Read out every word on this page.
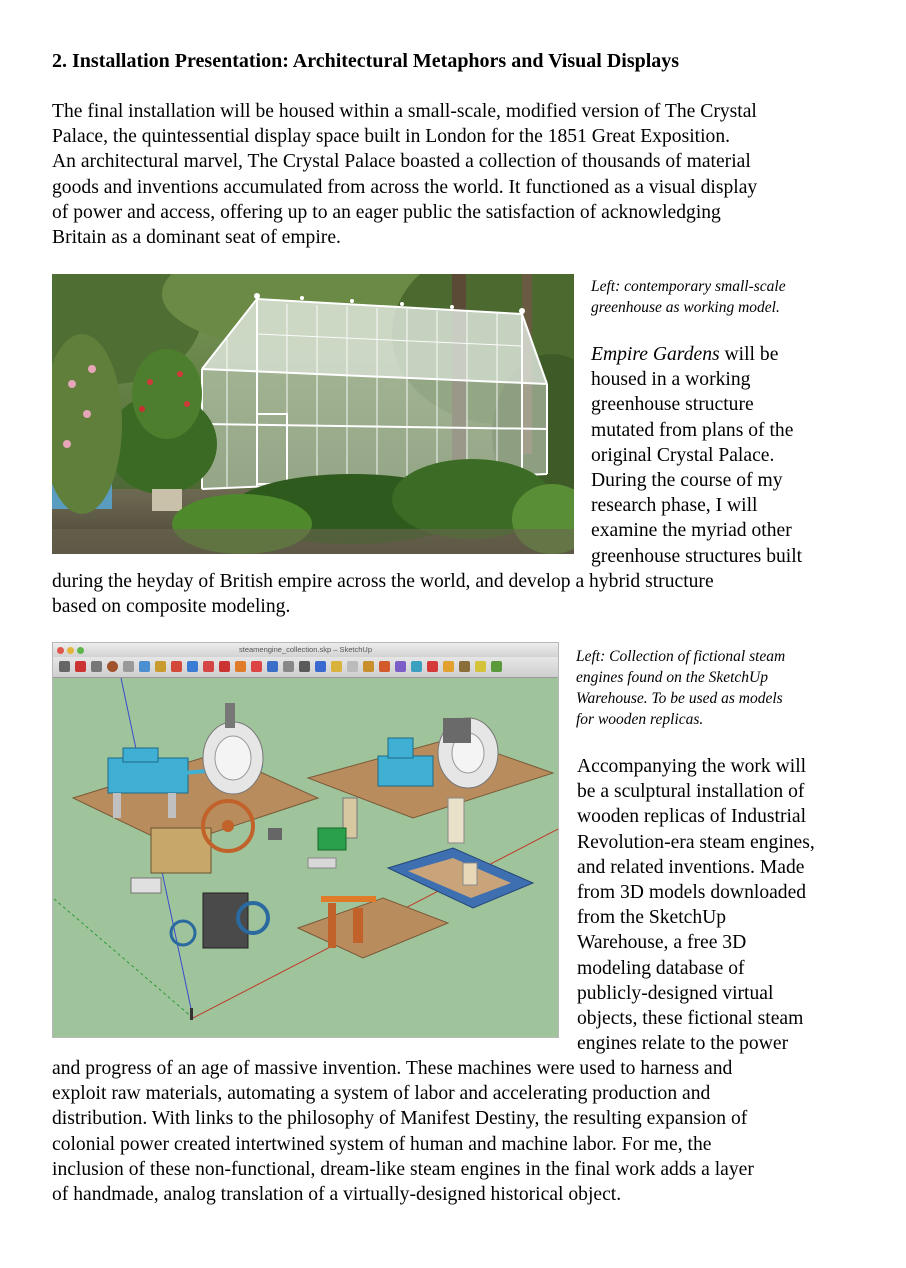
2. Installation Presentation: Architectural Metaphors and Visual Displays

The final installation will be housed within a small-scale, modified version of The Crystal
Palace, the quintessential display space built in London for the 1851 Great Exposition.
An architectural marvel, The Crystal Palace boasted a collection of thousands of material
goods and inventions accumulated from across the world. It functioned as a visual display
of power and access, offering up to an eager public the satisfaction of acknowledging
Britain as a dominant seat of empire.

Left: contemporary small-scale
greenhouse as working model.
Empire Gardens will be
housed in a working
greenhouse structure
mutated from plans of the
original Crystal Palace.
During the course of my
research phase, I will
examine the myriad other
greenhouse structures built

during the heyday of British empire across the world, and develop a hybrid structure
based on composite modeling.

steamengine_collection.skp – SketchUp	Left: Collection of fictional steam
engines found on the SketchUp
Warehouse. To be used as models
for wooden replicas.
Accompanying the work will
be a sculptural installation of
wooden replicas of Industrial
Revolution-era steam engines,
and related inventions. Made
from 3D models downloaded
from the SketchUp
Warehouse, a free 3D
modeling database of
publicly-designed virtual
objects, these fictional steam
engines relate to the power

and progress of an age of massive invention. These machines were used to harness and
exploit raw materials, automating a system of labor and accelerating production and
distribution. With links to the philosophy of Manifest Destiny, the resulting expansion of
colonial power created intertwined system of human and machine labor. For me, the
inclusion of these non-functional, dream-like steam engines in the final work adds a layer
of handmade, analog translation of a virtually-designed historical object.
